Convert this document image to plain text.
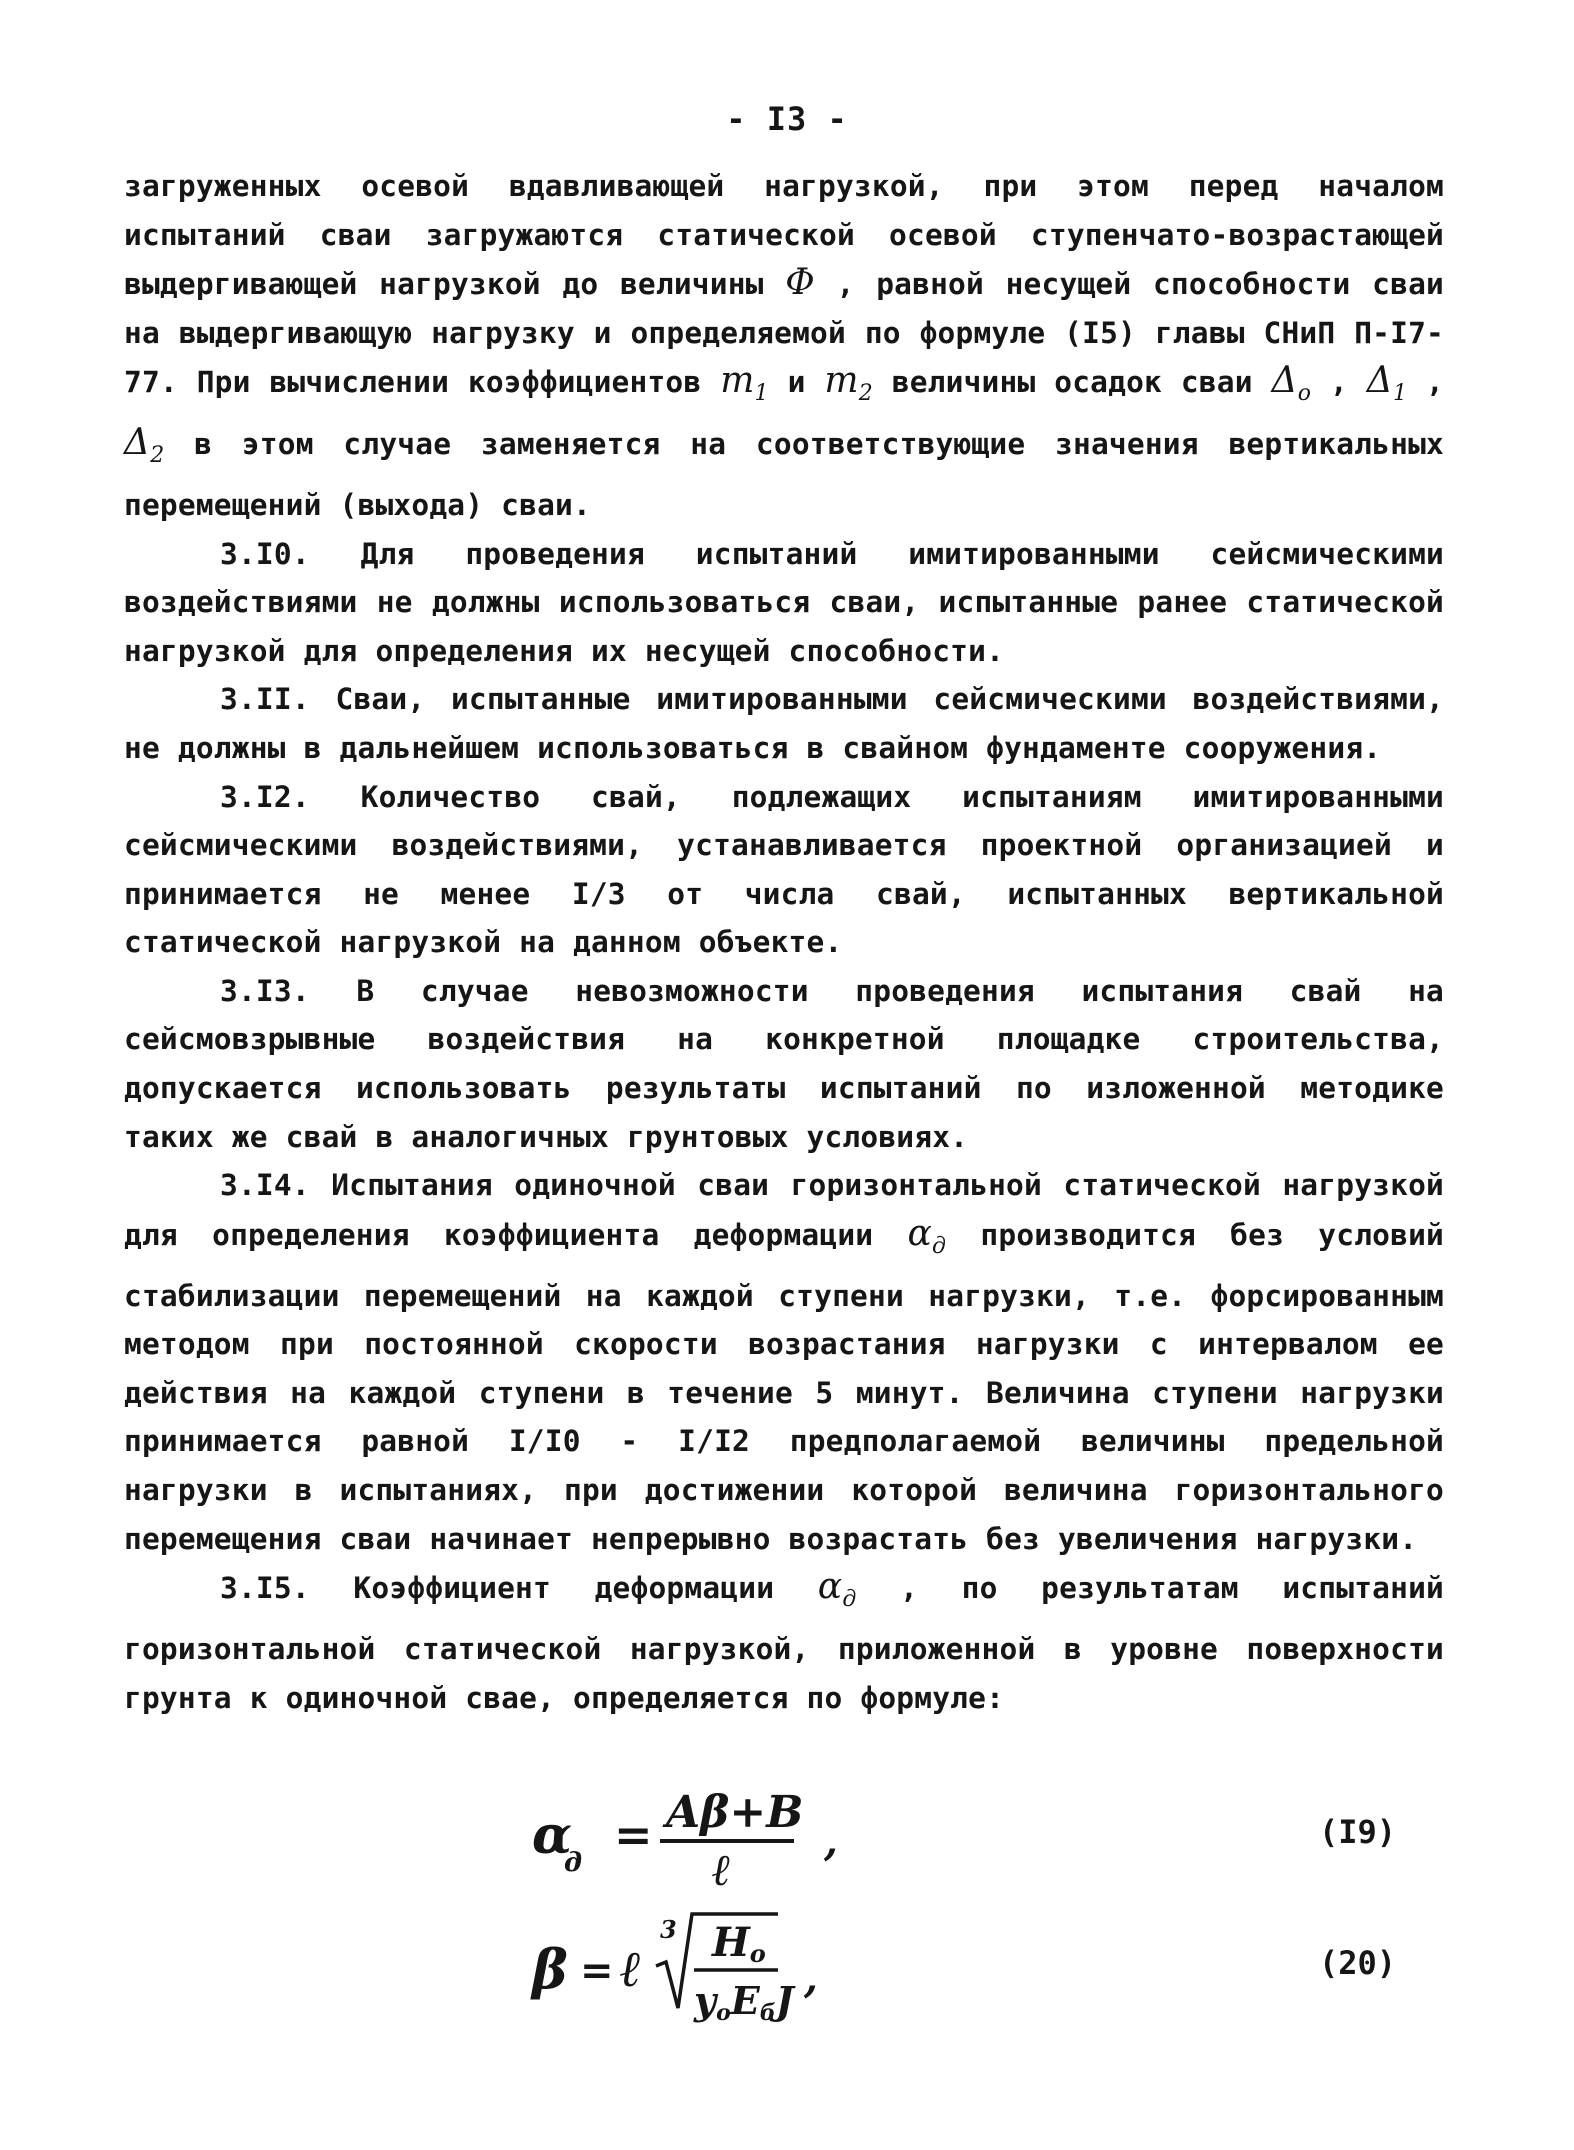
- I3 -

загруженных осевой вдавливающей нагрузкой, при этом перед началом испытаний сваи загружаются статической осевой ступенчато-возрастающей выдергивающей нагрузкой до величины Φ , равной несущей способности сваи на выдергивающую нагрузку и определяемой по формуле (I5) главы СНиП П-I7-77. При вычислении коэффициентов $m_1$ и $m_2$ величины осадок сваи $\Delta_o$ , $\Delta_1$ , $\Delta_2$ в этом случае заменяется на соответствующие значения вертикальных перемещений (выхода) сваи.

3.I0. Для проведения испытаний имитированными сейсмическими воздействиями не должны использоваться сваи, испытанные ранее статической нагрузкой для определения их несущей способности.

3.II. Сваи, испытанные имитированными сейсмическими воздействиями, не должны в дальнейшем использоваться в свайном фундаменте сооружения.

3.I2. Количество свай, подлежащих испытаниям имитированными сейсмическими воздействиями, устанавливается проектной организацией и принимается не менее I/3 от числа свай, испытанных вертикальной статической нагрузкой на данном объекте.

3.I3. В случае невозможности проведения испытания свай на сейсмовзрывные воздействия на конкретной площадке строительства, допускается использовать результаты испытаний по изложенной методике таких же свай в аналогичных грунтовых условиях.

3.I4. Испытания одиночной сваи горизонтальной статической нагрузкой для определения коэффициента деформации $\alpha_д$ производится без условий стабилизации перемещений на каждой ступени нагрузки, т.е. форсированным методом при постоянной скорости возрастания нагрузки с интервалом ее действия на каждой ступени в течение 5 минут. Величина ступени нагрузки принимается равной I/I0 - I/I2 предполагаемой величины предельной нагрузки в испытаниях, при достижении которой величина горизонтального перемещения сваи начинает непрерывно возрастать без увеличения нагрузки.

3.I5. Коэффициент деформации $\alpha_д$ , по результатам испытаний горизонтальной статической нагрузкой, приложенной в уровне поверхности грунта к одиночной свае, определяется по формуле:

α
д
= Aβ+B
ℓ
,	(I9)
β = ℓ
3 Ho
yoEбJ ,	(20)
